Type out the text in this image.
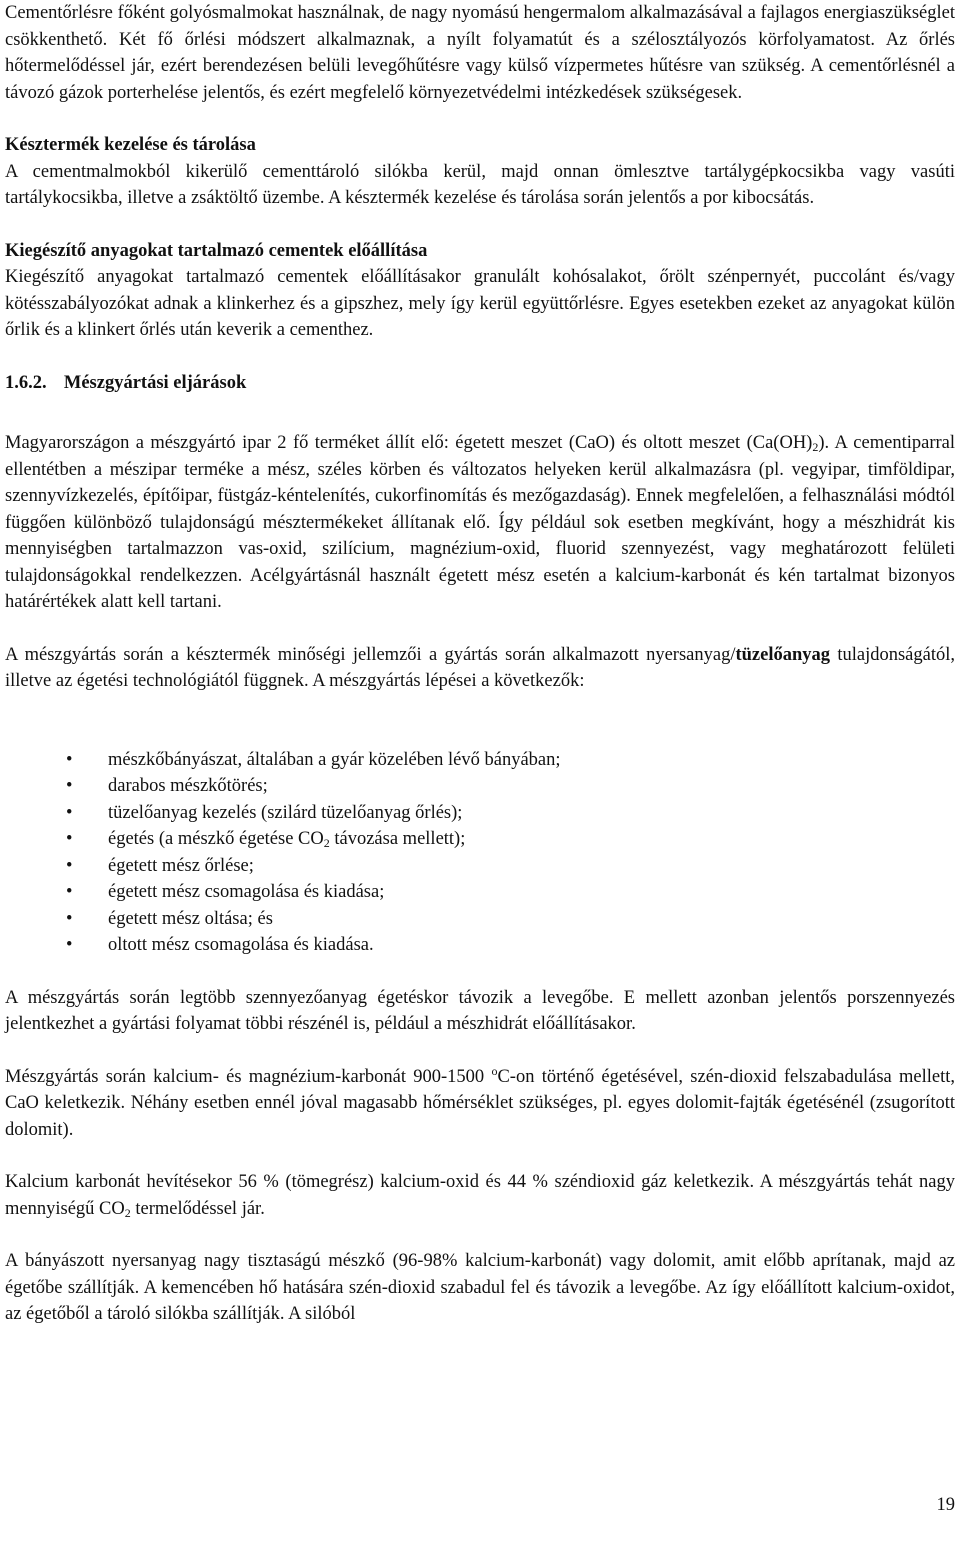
Cementőrlésre főként golyósmalmokat használnak, de nagy nyomású hengermalom alkalmazásával a fajlagos energiaszükséglet csökkenthető. Két fő őrlési módszert alkalmaznak, a nyílt folyamatút és a szélosztályozós körfolyamatost. Az őrlés hőtermelődéssel jár, ezért berendezésen belüli levegőhűtésre vagy külső vízpermetes hűtésre van szükség. A cementőrlésnél a távozó gázok porterhelése jelentős, és ezért megfelelő környezetvédelmi intézkedések szükségesek.

Késztermék kezelése és tárolása

A cementmalmokból kikerülő cementtároló silókba kerül, majd onnan ömlesztve tartálygépkocsikba vagy vasúti tartálykocsikba, illetve a zsáktöltő üzembe. A késztermék kezelése és tárolása során jelentős a por kibocsátás.

Kiegészítő anyagokat tartalmazó cementek előállítása

Kiegészítő anyagokat tartalmazó cementek előállításakor granulált kohósalakot, őrölt szénpernyét, puccolánt és/vagy kötésszabályozókat adnak a klinkerhez és a gipszhez, mely így kerül együttőrlésre. Egyes esetekben ezeket az anyagokat külön őrlik és a klinkert őrlés után keverik a cementhez.

1.6.2. Mészgyártási eljárások

Magyarországon a mészgyártó ipar 2 fő terméket állít elő: égetett meszet (CaO) és oltott meszet $(Ca(OH)_2)$. A cementiparral ellentétben a mészipar terméke a mész, széles körben és változatos helyeken kerül alkalmazásra (pl. vegyipar, timföldipar, szennyvízkezelés, építőipar, füstgáz-kéntelenítés, cukorfinomítás és mezőgazdaság). Ennek megfelelően, a felhasználási módtól függően különböző tulajdonságú mésztermékeket állítanak elő. Így például sok esetben megkívánt, hogy a mészhidrát kis mennyiségben tartalmazzon vas-oxid, szilícium, magnézium-oxid, fluorid szennyezést, vagy meghatározott felületi tulajdonságokkal rendelkezzen. Acélgyártásnál használt égetett mész esetén a kalcium-karbonát és kén tartalmat bizonyos határértékek alatt kell tartani.

A mészgyártás során a késztermék minőségi jellemzői a gyártás során alkalmazott nyersanyag/tüzelőanyag tulajdonságától, illetve az égetési technológiától függnek. A mészgyártás lépései a következők:

• mészkőbányászat, általában a gyár közelében lévő bányában;
• darabos mészkőtörés;
• tüzelőanyag kezelés (szilárd tüzelőanyag őrlés);
• égetés (a mészkő égetése $CO_2$ távozása mellett);
• égetett mész őrlése;
• égetett mész csomagolása és kiadása;
• égetett mész oltása; és
• oltott mész csomagolása és kiadása.

A mészgyártás során legtöbb szennyezőanyag égetéskor távozik a levegőbe. E mellett azonban jelentős porszennyezés jelentkezhet a gyártási folyamat többi részénél is, például a mészhidrát előállításakor.

Mészgyártás során kalcium- és magnézium-karbonát 900-1500 $^o$C-on történő égetésével, szén-dioxid felszabadulása mellett, CaO keletkezik. Néhány esetben ennél jóval magasabb hőmérséklet szükséges, pl. egyes dolomit-fajták égetésénél (zsugorított dolomit).

Kalcium karbonát hevítésekor 56 % (tömegrész) kalcium-oxid és 44 % széndioxid gáz keletkezik. A mészgyártás tehát nagy mennyiségű $CO_2$ termelődéssel jár.

A bányászott nyersanyag nagy tisztaságú mészkő (96-98% kalcium-karbonát) vagy dolomit, amit előbb aprítanak, majd az égetőbe szállítják. A kemencében hő hatására szén-dioxid szabadul fel és távozik a levegőbe. Az így előállított kalcium-oxidot, az égetőből a tároló silókba szállítják. A silóból

19
